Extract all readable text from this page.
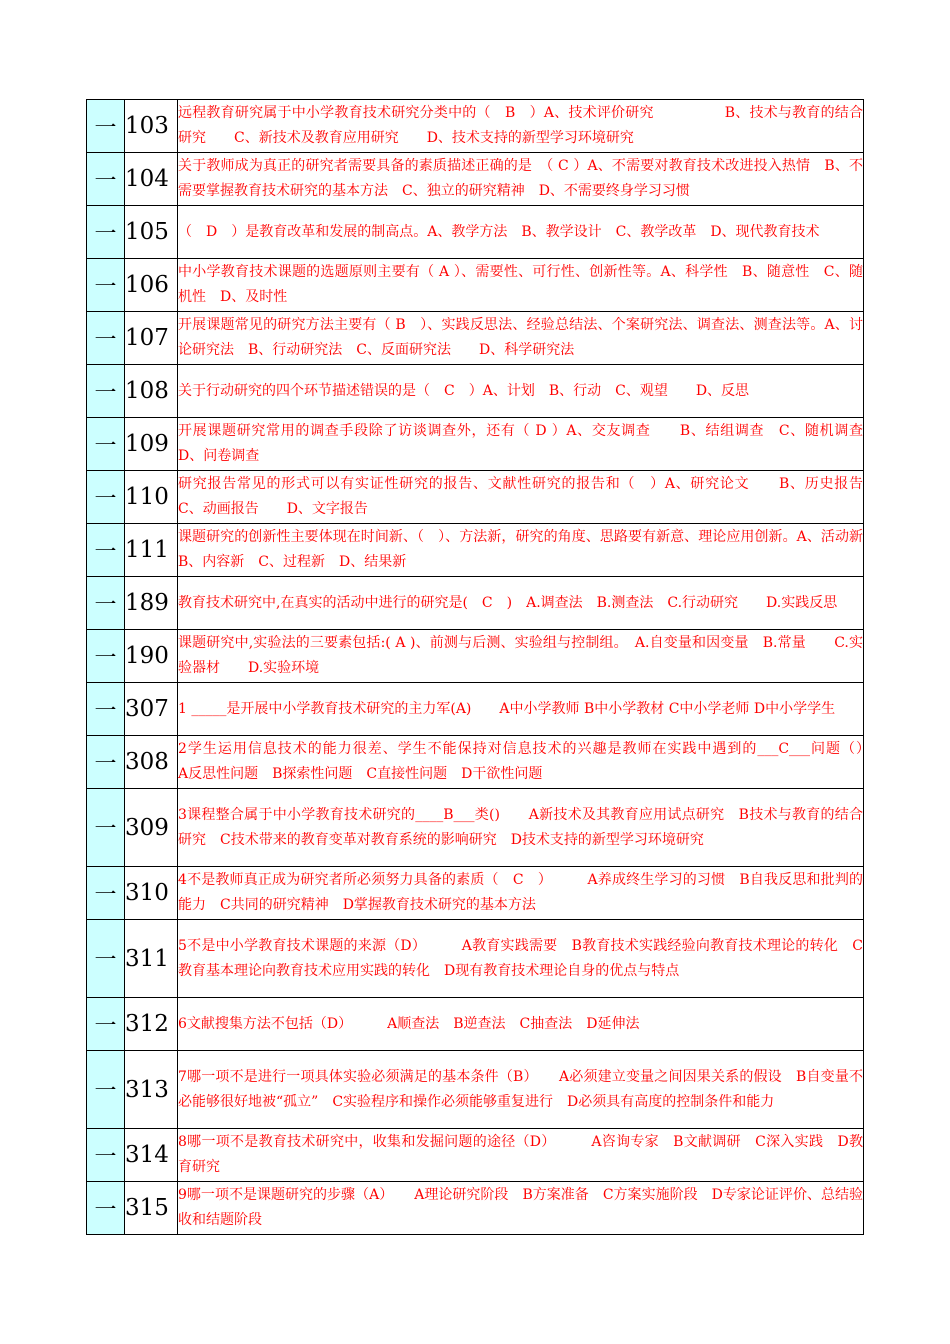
一	103	远程教育研究属于中小学教育技术研究分类中的（　B　）A、技术评价研究　　　　　B、技术与教育的结合研究　　C、新技术及教育应用研究　　D、技术支持的新型学习环境研究
一	104	关于教师成为真正的研究者需要具备的素质描述正确的是　（ C ）A、不需要对教育技术改进投入热情　B、不需要掌握教育技术研究的基本方法　C、独立的研究精神　D、不需要终身学习习惯
一	105	（　D　）是教育改革和发展的制高点。A、教学方法　B、教学设计　C、教学改革　D、现代教育技术
一	106	中小学教育技术课题的选题原则主要有（ A ）、需要性、可行性、创新性等。A、科学性　B、随意性　C、随机性　D、及时性
一	107	开展课题常见的研究方法主要有（ B　）、实践反思法、经验总结法、个案研究法、调查法、测查法等。A、讨论研究法　B、行动研究法　C、反面研究法　　D、科学研究法
一	108	关于行动研究的四个环节描述错误的是（　C　）A、计划　B、行动　C、观望　　D、反思
一	109	开展课题研究常用的调查手段除了访谈调查外，还有（ D ）A、交友调查　　B、结组调查　C、随机调查　D、问卷调查
一	110	研究报告常见的形式可以有实证性研究的报告、文献性研究的报告和（　）A、研究论文　　B、历史报告　　C、动画报告　　D、文字报告
一	111	课题研究的创新性主要体现在时间新、（　）、方法新，研究的角度、思路要有新意、理论应用创新。A、活动新　B、内容新　C、过程新　D、结果新
一	189	教育技术研究中,在真实的活动中进行的研究是(　C　)　A.调查法　B.测查法　C.行动研究　　D.实践反思
一	190	课题研究中,实验法的三要素包括:( A )、前测与后测、实验组与控制组。　A.自变量和因变量　B.常量　　C.实验器材　　D.实验环境
一	307	1 _____是开展中小学教育技术研究的主力军(A)　　A中小学教师 B中小学教材 C中小学老师 D中小学学生
一	308	2学生运用信息技术的能力很差、学生不能保持对信息技术的兴趣是教师在实践中遇到的___C___问题（）　　　　A反思性问题　B探索性问题　C直接性问题　D干欲性问题
一	309	3课程整合属于中小学教育技术研究的____B___类()　　A新技术及其教育应用试点研究　B技术与教育的结合研究　C技术带来的教育变革对教育系统的影响研究　D技术支持的新型学习环境研究
一	310	4不是教师真正成为研究者所必须努力具备的素质（　C　）　　　A养成终生学习的习惯　B自我反思和批判的能力　C共同的研究精神　D掌握教育技术研究的基本方法
一	311	5不是中小学教育技术课题的来源（D）　　　A教育实践需要　B教育技术实践经验向教育技术理论的转化　C教育基本理论向教育技术应用实践的转化　D现有教育技术理论自身的优点与特点
一	312	6文献搜集方法不包括（D）　　　A顺查法　B逆查法　C抽查法　D延伸法
一	313	7哪一项不是进行一项具体实验必须满足的基本条件（B）　　A必须建立变量之间因果关系的假设　B自变量不必能够很好地被“孤立”　C实验程序和操作必须能够重复进行　D必须具有高度的控制条件和能力
一	314	8哪一项不是教育技术研究中，收集和发掘问题的途径（D）　　　A咨询专家　B文献调研　C深入实践　D教育研究
一	315	9哪一项不是课题研究的步骤（A）　　A理论研究阶段　B方案准备　C方案实施阶段　D专家论证评价、总结验收和结题阶段
